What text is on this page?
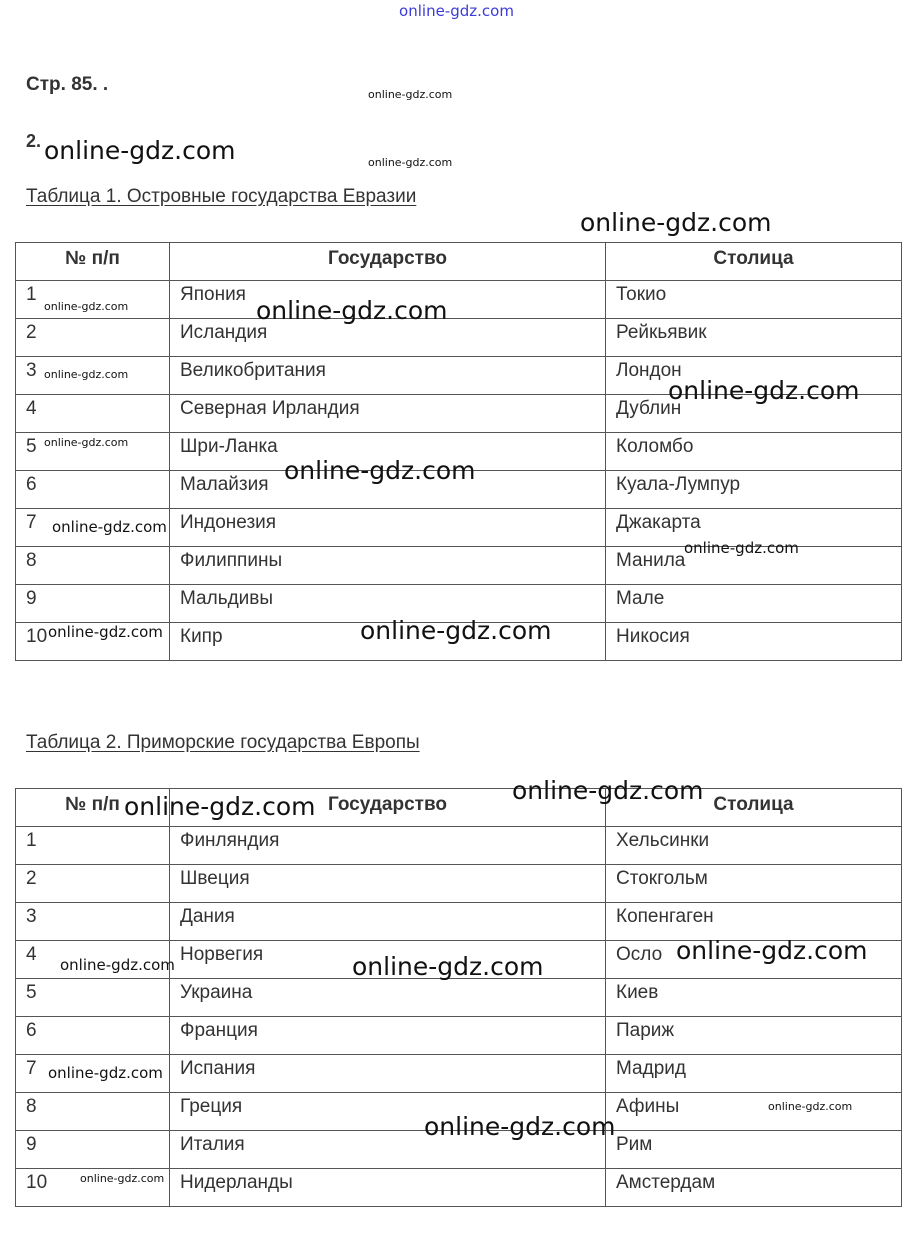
online-gdz.com
Стр. 85. .
2.
Таблица 1. Островные государства Евразии
№ п/п	Государство	Столица
1	Япония	Токио
2	Исландия	Рейкьявик
3	Великобритания	Лондон
4	Северная Ирландия	Дублин
5	Шри-Ланка	Коломбо
6	Малайзия	Куала-Лумпур
7	Индонезия	Джакарта
8	Филиппины	Манила
9	Мальдивы	Мале
10	Кипр	Никосия
Таблица 2. Приморские государства Европы
№ п/п	Государство	Столица
1	Финляндия	Хельсинки
2	Швеция	Стокгольм
3	Дания	Копенгаген
4	Норвегия	Осло
5	Украина	Киев
6	Франция	Париж
7	Испания	Мадрид
8	Греция	Афины
9	Италия	Рим
10	Нидерланды	Амстердам
online-gdz.com
online-gdz.com	online-gdz.com
online-gdz.com
online-gdz.com	online-gdz.com
online-gdz.com
online-gdz.com
online-gdz.com
online-gdz.com
online-gdz.com
online-gdz.com
online-gdz.com	online-gdz.com
online-gdz.com
online-gdz.com
online-gdz.com
online-gdz.com	online-gdz.com
online-gdz.com
online-gdz.com
online-gdz.com
online-gdz.com
